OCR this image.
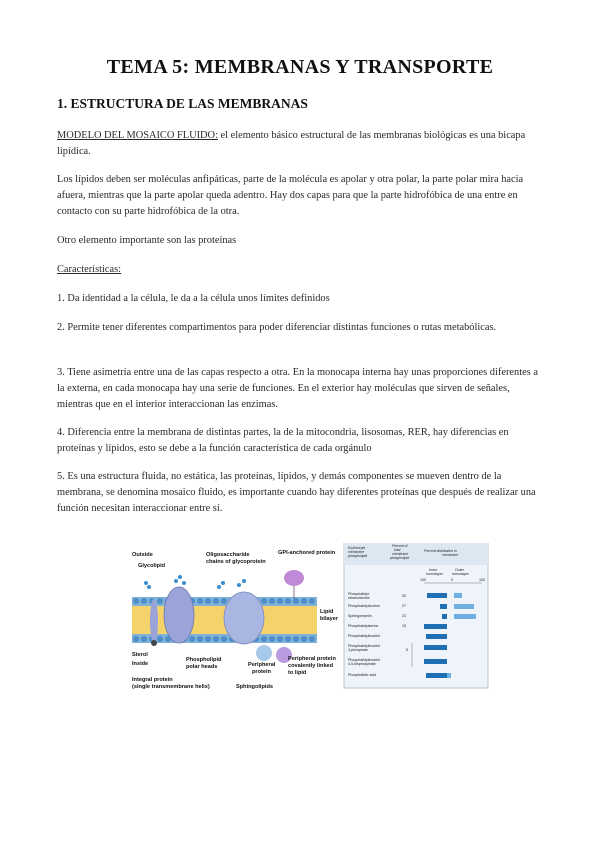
TEMA 5: MEMBRANAS Y TRANSPORTE
1. ESTRUCTURA DE LAS MEMBRANAS

MODELO DEL MOSAICO FLUIDO: el elemento básico estructural de las membranas biológicas es una bicapa lipídica.

Los lípidos deben ser moléculas anfipáticas, parte de la molécula es apolar y otra polar, la parte polar mira hacia afuera, mientras que la parte apolar queda adentro. Hay dos capas para que la parte hidrofóbica de una entre en contacto con su parte hidrofóbica de la otra.

Otro elemento importante son las proteínas

Características:

1. Da identidad a la célula, le da a la célula unos límites definidos

2. Permite tener diferentes compartimentos para poder diferenciar distintas funciones o rutas metabólicas.

3. Tiene asimetría entre una de las capas respecto a otra. En la monocapa interna hay unas proporciones diferentes a la externa, en cada monocapa hay una serie de funciones. En el exterior hay moléculas que sirven de señales, mientras que en el interior interaccionan las enzimas.

4. Diferencia entre la membrana de distintas partes, la de la mitocondria, lisosomas, RER, hay diferencias en proteínas y lípidos, esto se debe a la función característica de cada orgánulo

5. Es una estructura fluida, no estática, las proteínas, lípidos, y demás componentes se mueven dentro de la membrana, se denomina mosaico fluido, es importante cuando hay diferentes proteínas que después de realizar una función necesitan interaccionar entre sí.

Outside
Glycolipid
Oligosaccharide
chains of glycoprotein
GPI-anchored protein
Lipid
bilayer
Sterol
Inside
Phospholipid
polar heads	Peripheral
protein
Peripheral protein
covalently linked
to lipid
Integral protein
(single transmembrane helix)	Sphingolipids
Erythrocyte
membrane
phospholipid
Percent of
total
membrane
phospholipid
Percent distribution in
membrane
Inner
monolayer
Outer
monolayer
100	0	100
Phosphatidyl-
ethanolamine	30
Phosphatidylcholine	27
Sphingomyelin	23
Phosphatidylserine	15
Phosphatidylinositol
Phosphatidylinositol
4-phosphate	5
Phosphatidylinositol
4,5-bisphosphate
Phosphatidic acid
